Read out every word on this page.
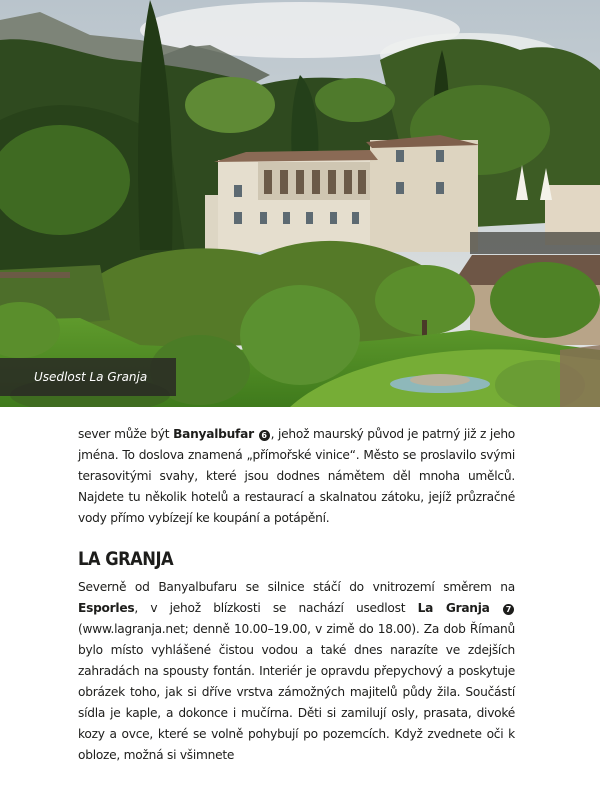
Usedlost La Granja
sever může být Banyalbufar 6 , jehož maurský původ je patrný již z jeho jména. To doslova znamená „přímořské vinice“. Město se proslavilo svými terasovitými svahy, které jsou dodnes námětem děl mnoha umělců. Najdete tu několik hotelů a restaurací a skalnatou zátoku, jejíž průzračné vody přímo vybízejí ke koupání a potápění.
LA GRANJA
Severně od Banyalbufaru se silnice stáčí do vnitrozemí směrem na Esporles, v jehož blízkosti se nachází usedlost La Granja 7 (www.lagranja.net; denně 10.00–19.00, v zimě do 18.00). Za dob Římanů bylo místo vyhlášené čistou vodou a také dnes narazíte ve zdejších zahradách na spousty fontán. Interiér je opravdu přepychový a poskytuje obrázek toho, jak si dříve vrstva zámožných majitelů půdy žila. Součástí sídla je kaple, a dokonce i mučírna. Děti si zamilují osly, prasata, divoké kozy a ovce, které se volně pohybují po pozemcích. Když zvednete oči k obloze, možná si všimnete
